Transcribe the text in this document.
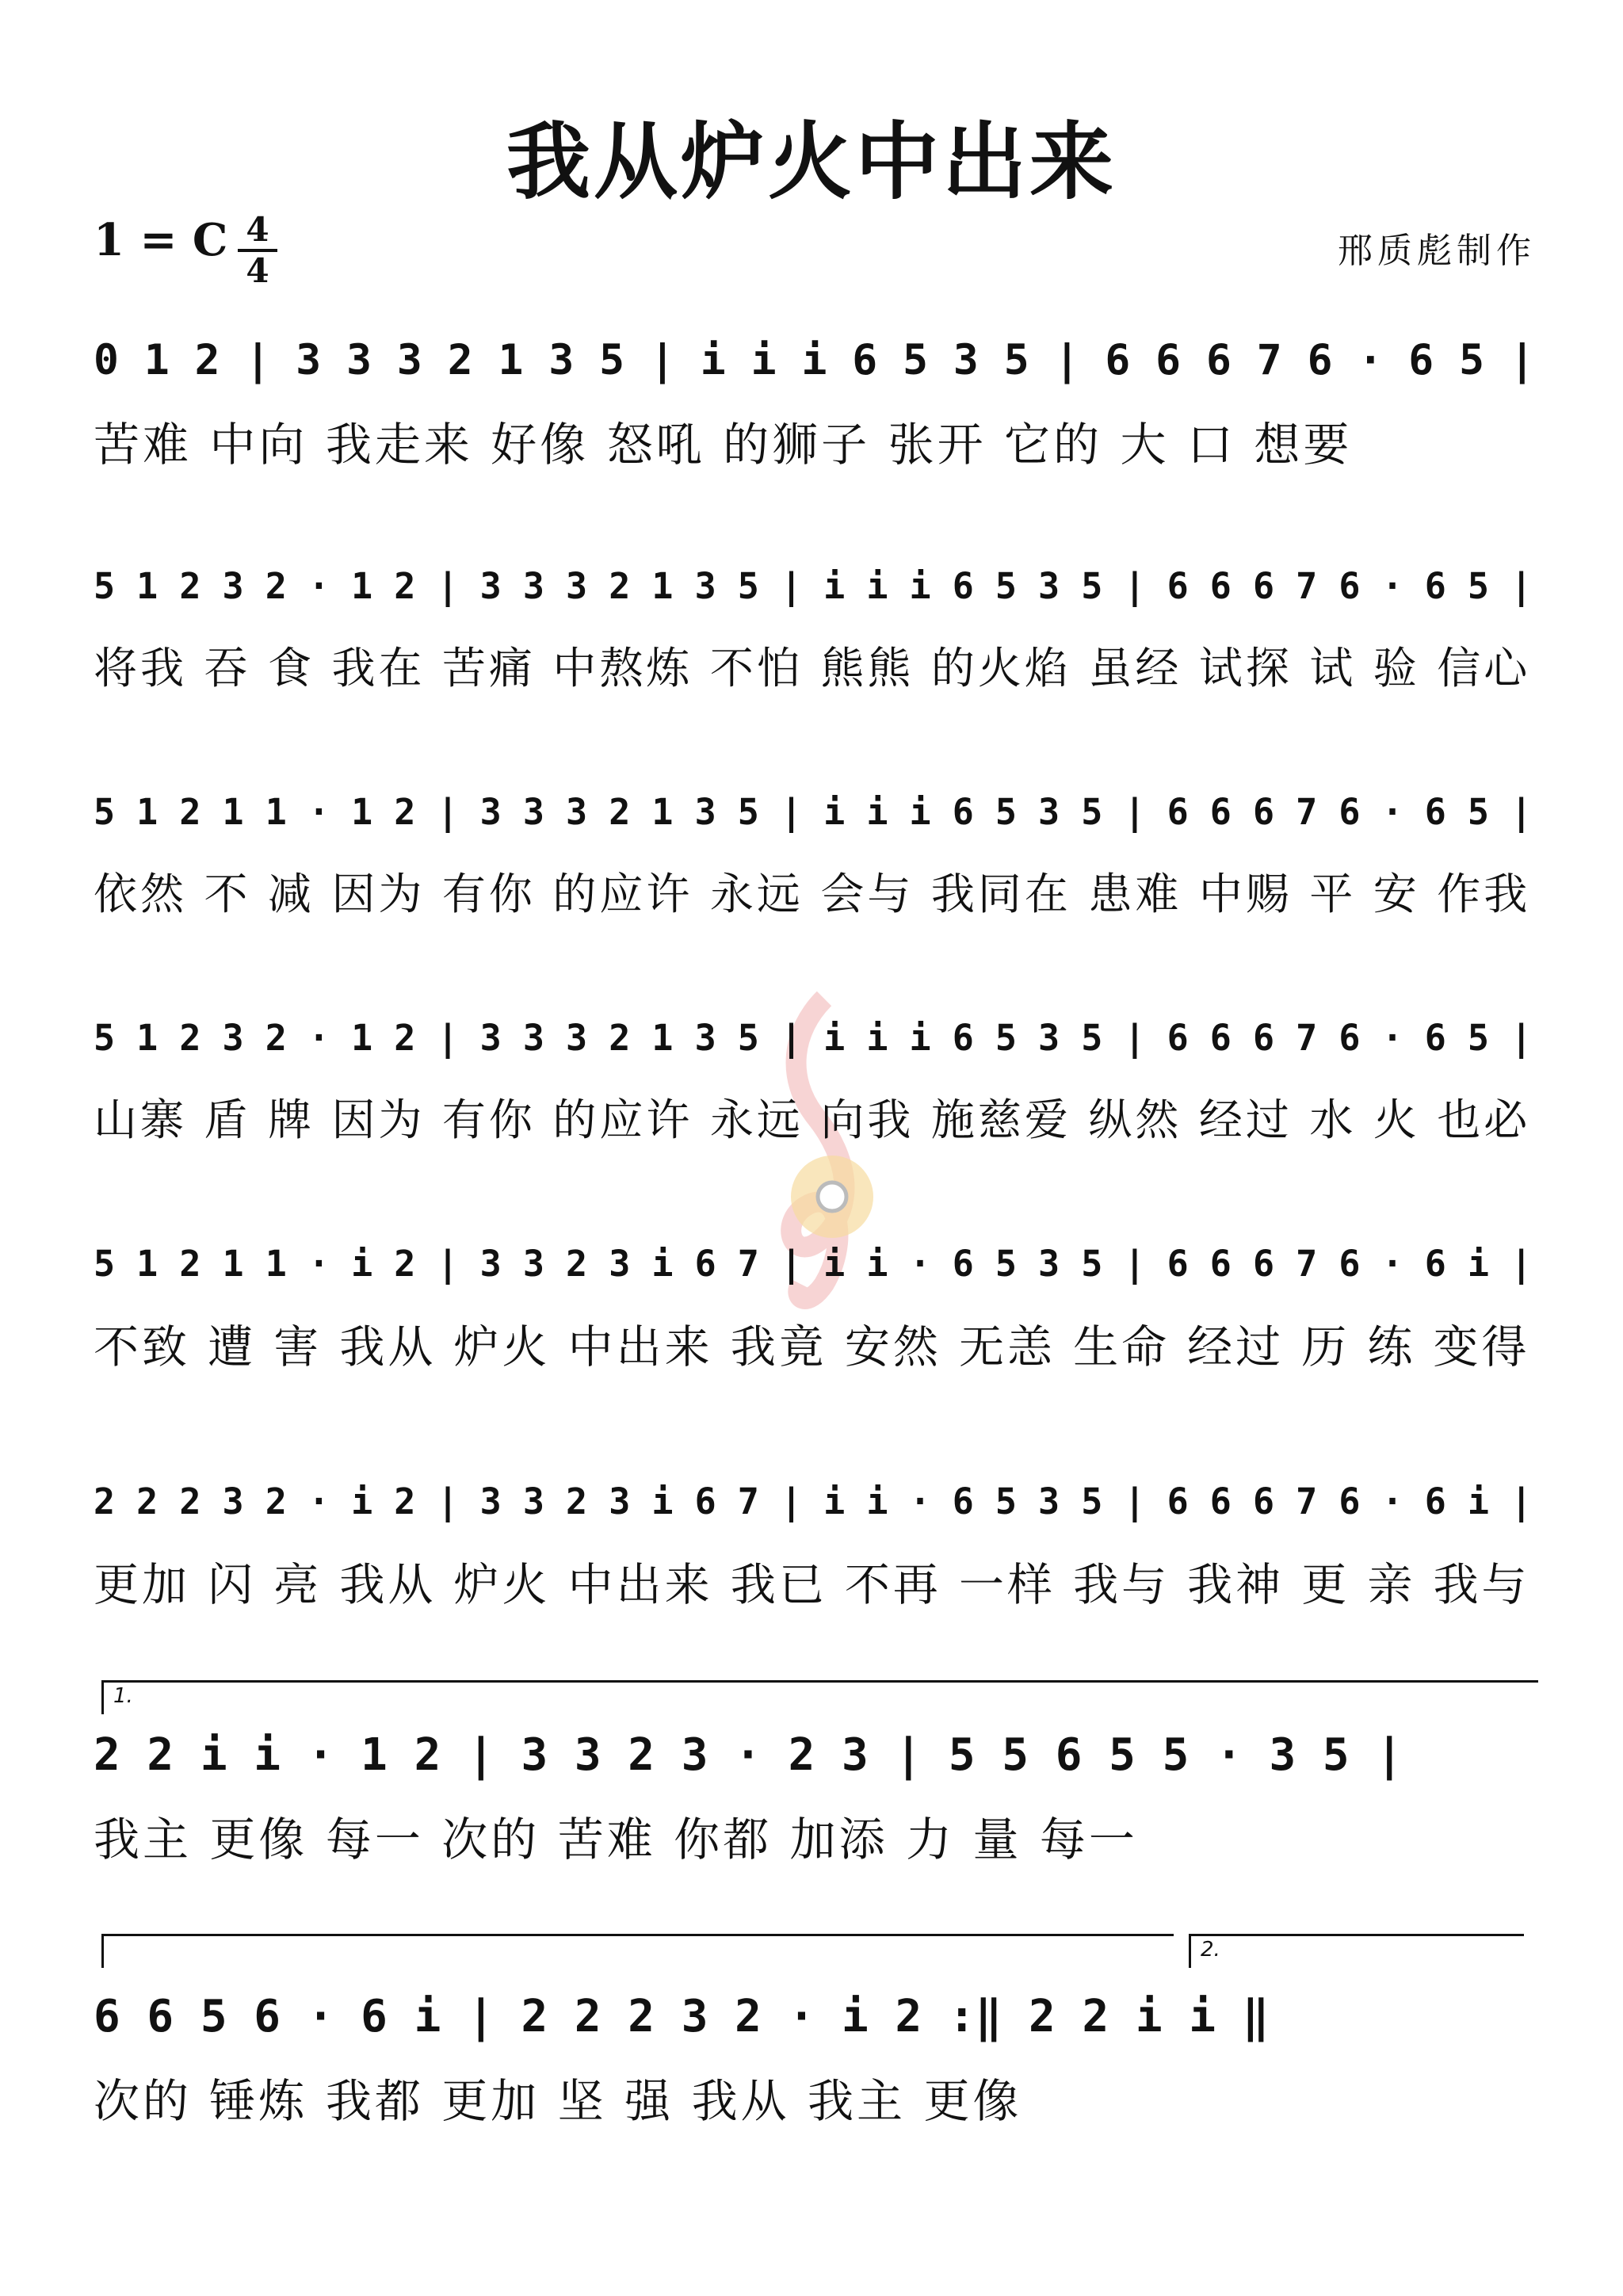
我从炉火中出来
1 = C 4
4	邢质彪制作
0 1 2 | 3 3 3 2 1 3 5 | i i i 6 5 3 5 | 6 6 6 7 6 · 6 5 |
苦难 中向 我走来 好像 怒吼 的狮子 张开 它的 大 口 想要
5 1 2 3 2 · 1 2 | 3 3 3 2 1 3 5 | i i i 6 5 3 5 | 6 6 6 7 6 · 6 5 |
将我 吞 食 我在 苦痛 中熬炼 不怕 熊熊 的火焰 虽经 试探 试 验 信心
5 1 2 1 1 · 1 2 | 3 3 3 2 1 3 5 | i i i 6 5 3 5 | 6 6 6 7 6 · 6 5 |
依然 不 减 因为 有你 的应许 永远 会与 我同在 患难 中赐 平 安 作我
5 1 2 3 2 · 1 2 | 3 3 3 2 1 3 5 | i i i 6 5 3 5 | 6 6 6 7 6 · 6 5 |
山寨 盾 牌 因为 有你 的应许 永远 向我 施慈爱 纵然 经过 水 火 也必
5 1 2 1 1 · i 2 | 3 3 2 3 i 6 7 | i i · 6 5 3 5 | 6 6 6 7 6 · 6 i |
不致 遭 害 我从 炉火 中出来 我竟 安然 无恙 生命 经过 历 练 变得
2 2 2 3 2 · i 2 | 3 3 2 3 i 6 7 | i i · 6 5 3 5 | 6 6 6 7 6 · 6 i |
更加 闪 亮 我从 炉火 中出来 我已 不再 一样 我与 我神 更 亲 我与
1.
2 2 i i · 1 2 | 3 3 2 3 · 2 3 | 5 5 6 5 5 · 3 5 |
我主 更像 每一 次的 苦难 你都 加添 力 量 每一
2.
6 6 5 6 · 6 i | 2 2 2 3 2 · i 2 :‖ 2 2 i i ‖
次的 锤炼 我都 更加 坚 强 我从 我主 更像
